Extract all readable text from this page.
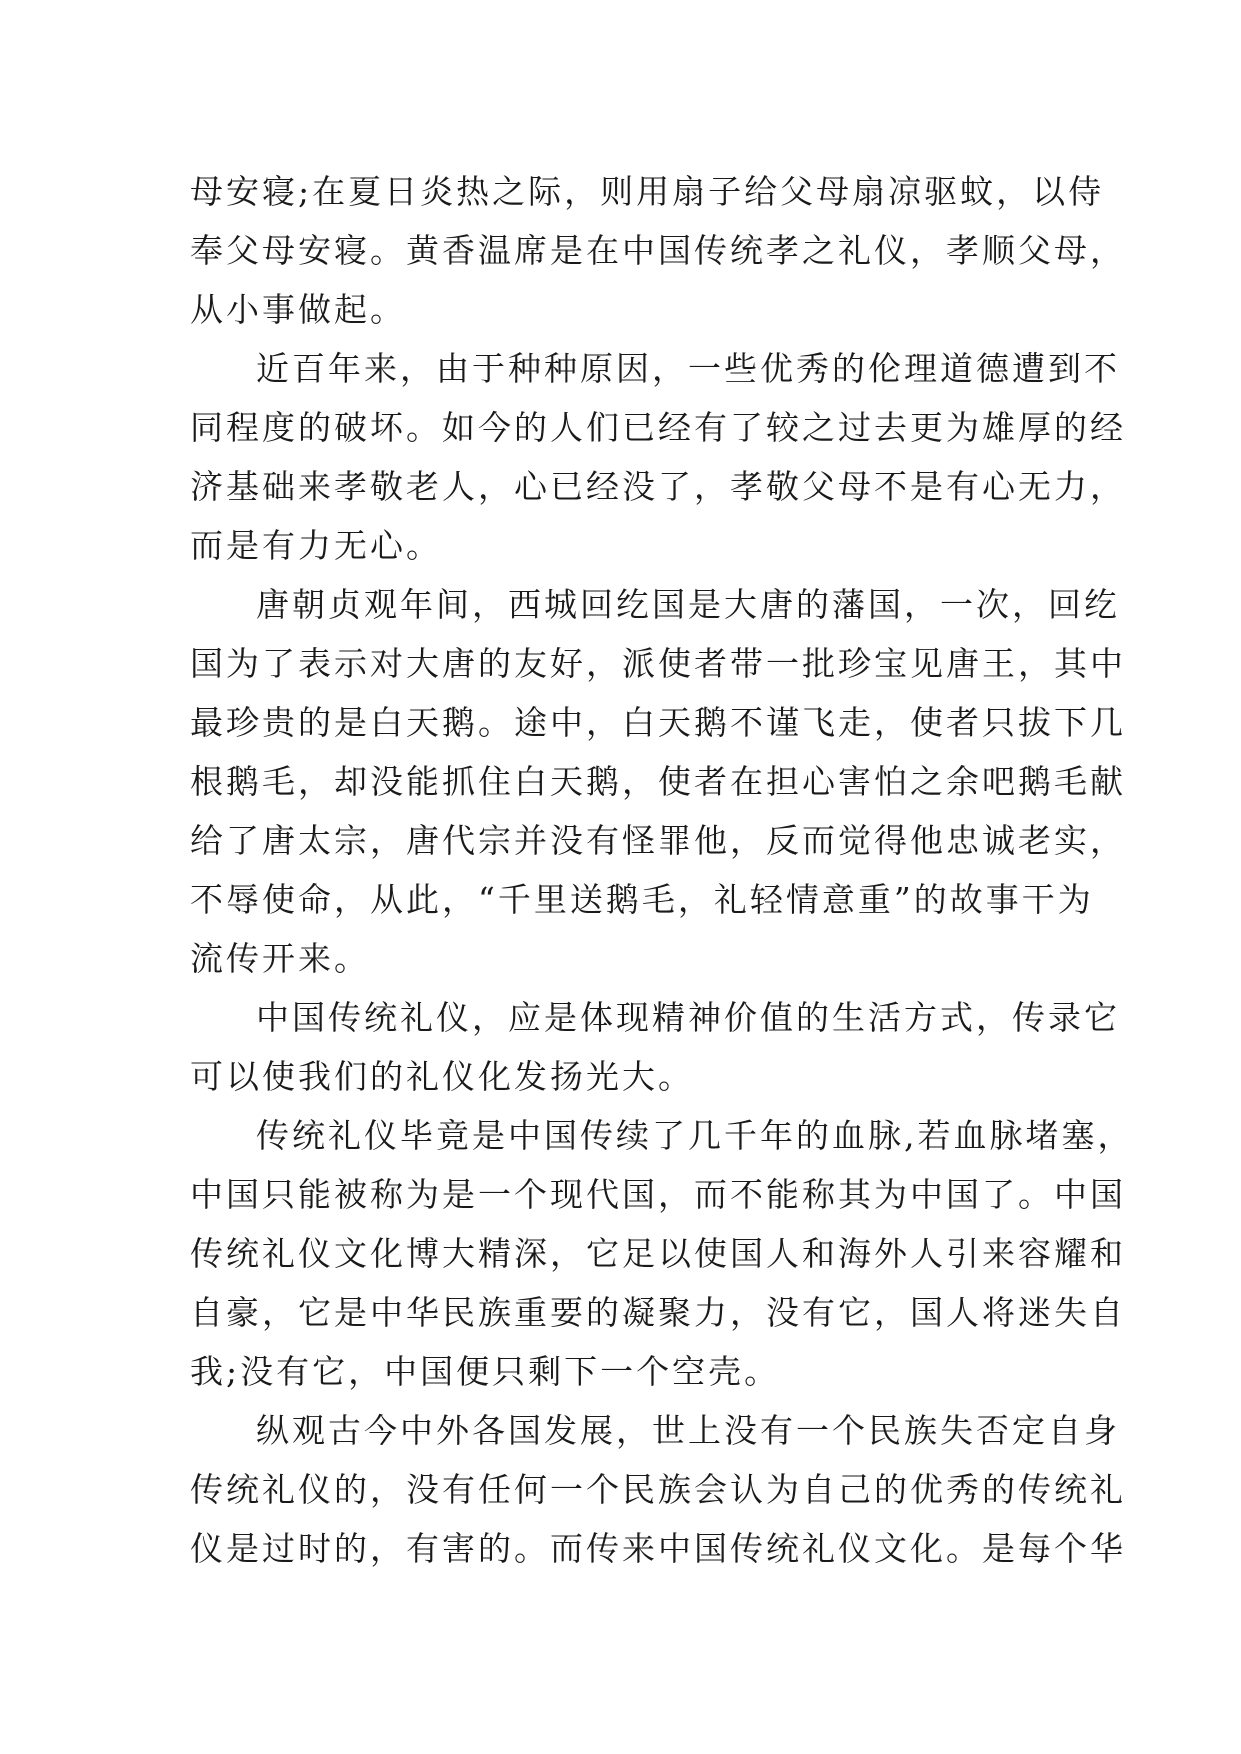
母安寝;在夏日炎热之际，则用扇子给父母扇凉驱蚊，以侍
奉父母安寝。黄香温席是在中国传统孝之礼仪，孝顺父母，
从小事做起。
近百年来，由于种种原因，一些优秀的伦理道德遭到不
同程度的破坏。如今的人们已经有了较之过去更为雄厚的经
济基础来孝敬老人，心已经没了，孝敬父母不是有心无力，
而是有力无心。
唐朝贞观年间，西城回纥国是大唐的藩国，一次，回纥
国为了表示对大唐的友好，派使者带一批珍宝见唐王，其中
最珍贵的是白天鹅。途中，白天鹅不谨飞走，使者只拔下几
根鹅毛，却没能抓住白天鹅，使者在担心害怕之余吧鹅毛献
给了唐太宗，唐代宗并没有怪罪他，反而觉得他忠诚老实，
不辱使命，从此，“千里送鹅毛，礼轻情意重”的故事干为
流传开来。
中国传统礼仪，应是体现精神价值的生活方式，传录它
可以使我们的礼仪化发扬光大。
传统礼仪毕竟是中国传续了几千年的血脉,若血脉堵塞，
中国只能被称为是一个现代国，而不能称其为中国了。中国
传统礼仪文化博大精深，它足以使国人和海外人引来容耀和
自豪，它是中华民族重要的凝聚力，没有它，国人将迷失自
我;没有它，中国便只剩下一个空壳。
纵观古今中外各国发展，世上没有一个民族失否定自身
传统礼仪的，没有任何一个民族会认为自己的优秀的传统礼
仪是过时的，有害的。而传来中国传统礼仪文化。是每个华
